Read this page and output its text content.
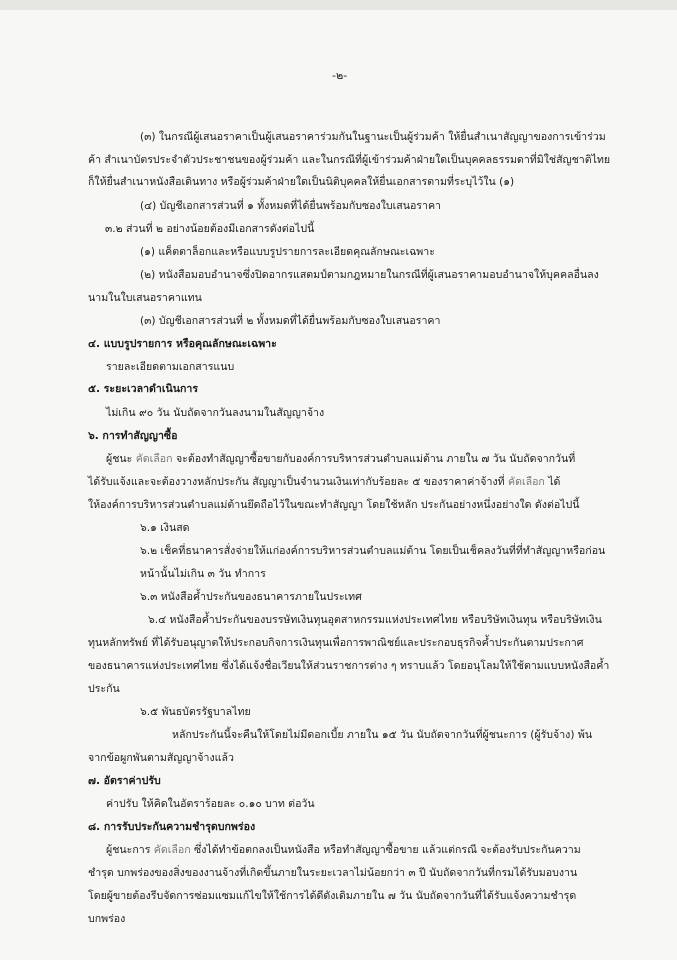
-๒-
(๓) ในกรณีผู้เสนอราคาเป็นผู้เสนอราคาร่วมกันในฐานะเป็นผู้ร่วมค้า ให้ยื่นสำเนาสัญญาของการเข้าร่วม
ค้า สำเนาบัตรประจำตัวประชาชนของผู้ร่วมค้า และในกรณีที่ผู้เข้าร่วมค้าฝ่ายใดเป็นบุคคลธรรมดาที่มิใช่สัญชาติไทย
ก็ให้ยื่นสำเนาหนังสือเดินทาง หรือผู้ร่วมค้าฝ่ายใดเป็นนิติบุคคลให้ยื่นเอกสารตามที่ระบุไว้ใน (๑)
(๔) บัญชีเอกสารส่วนที่ ๑ ทั้งหมดที่ได้ยื่นพร้อมกับซองใบเสนอราคา
๓.๒ ส่วนที่ ๒ อย่างน้อยต้องมีเอกสารดังต่อไปนี้
(๑) แค็ตตาล็อกและหรือแบบรูปรายการละเอียดคุณลักษณะเฉพาะ
(๒) หนังสือมอบอำนาจซึ่งปิดอากรแสตมป์ตามกฎหมายในกรณีที่ผู้เสนอราคามอบอำนาจให้บุคคลอื่นลง
นามในใบเสนอราคาแทน
(๓) บัญชีเอกสารส่วนที่ ๒ ทั้งหมดที่ได้ยื่นพร้อมกับซองใบเสนอราคา
๔. แบบรูปรายการ หรือคุณลักษณะเฉพาะ
รายละเอียดตามเอกสารแนบ
๕. ระยะเวลาดำเนินการ
ไม่เกิน ๙๐ วัน นับถัดจากวันลงนามในสัญญาจ้าง
๖. การทำสัญญาซื้อ
ผู้ชนะ คัดเลือก จะต้องทำสัญญาซื้อขายกับองค์การบริหารส่วนตำบลแม่ต้าน ภายใน ๗ วัน นับถัดจากวันที่
ได้รับแจ้งและจะต้องวางหลักประกัน สัญญาเป็นจำนวนเงินเท่ากับร้อยละ ๕ ของราคาค่าจ้างที่ คัดเลือก ได้
ให้องค์การบริหารส่วนตำบลแม่ต้านยึดถือไว้ในขณะทำสัญญา โดยใช้หลัก ประกันอย่างหนึ่งอย่างใด ดังต่อไปนี้
๖.๑ เงินสด
๖.๒ เช็คที่ธนาคารสั่งจ่ายให้แก่องค์การบริหารส่วนตำบลแม่ต้าน โดยเป็นเช็คลงวันที่ที่ทำสัญญาหรือก่อน
หน้านั้นไม่เกิน ๓ วัน ทำการ
๖.๓ หนังสือค้ำประกันของธนาคารภายในประเทศ
๖.๔ หนังสือค้ำประกันของบรรษัทเงินทุนอุตสาหกรรมแห่งประเทศไทย หรือบริษัทเงินทุน หรือบริษัทเงิน
ทุนหลักทรัพย์ ที่ได้รับอนุญาตให้ประกอบกิจการเงินทุนเพื่อการพาณิชย์และประกอบธุรกิจค้ำประกันตามประกาศ
ของธนาคารแห่งประเทศไทย ซึ่งได้แจ้งชื่อเวียนให้ส่วนราชการต่าง ๆ ทราบแล้ว โดยอนุโลมให้ใช้ตามแบบหนังสือค้ำ
ประกัน
๖.๕ พันธบัตรรัฐบาลไทย
หลักประกันนี้จะคืนให้โดยไม่มีดอกเบี้ย ภายใน ๑๕ วัน นับถัดจากวันที่ผู้ชนะการ (ผู้รับจ้าง) พ้น
จากข้อผูกพันตามสัญญาจ้างแล้ว
๗. อัตราค่าปรับ
ค่าปรับ ให้คิดในอัตราร้อยละ ๐.๑๐ บาท ต่อวัน
๘. การรับประกันความชำรุดบกพร่อง
ผู้ชนะการ คัดเลือก ซึ่งได้ทำข้อตกลงเป็นหนังสือ หรือทำสัญญาซื้อขาย แล้วแต่กรณี จะต้องรับประกันความ
ชำรุด บกพร่องของสิ่งของงานจ้างที่เกิดขึ้นภายในระยะเวลาไม่น้อยกว่า ๓ ปี นับถัดจากวันที่กรมได้รับมอบงาน
โดยผู้ขายต้องรีบจัดการซ่อมแซมแก้ไขให้ใช้การได้ดีดังเดิมภายใน ๗ วัน นับถัดจากวันที่ได้รับแจ้งความชำรุด
บกพร่อง
